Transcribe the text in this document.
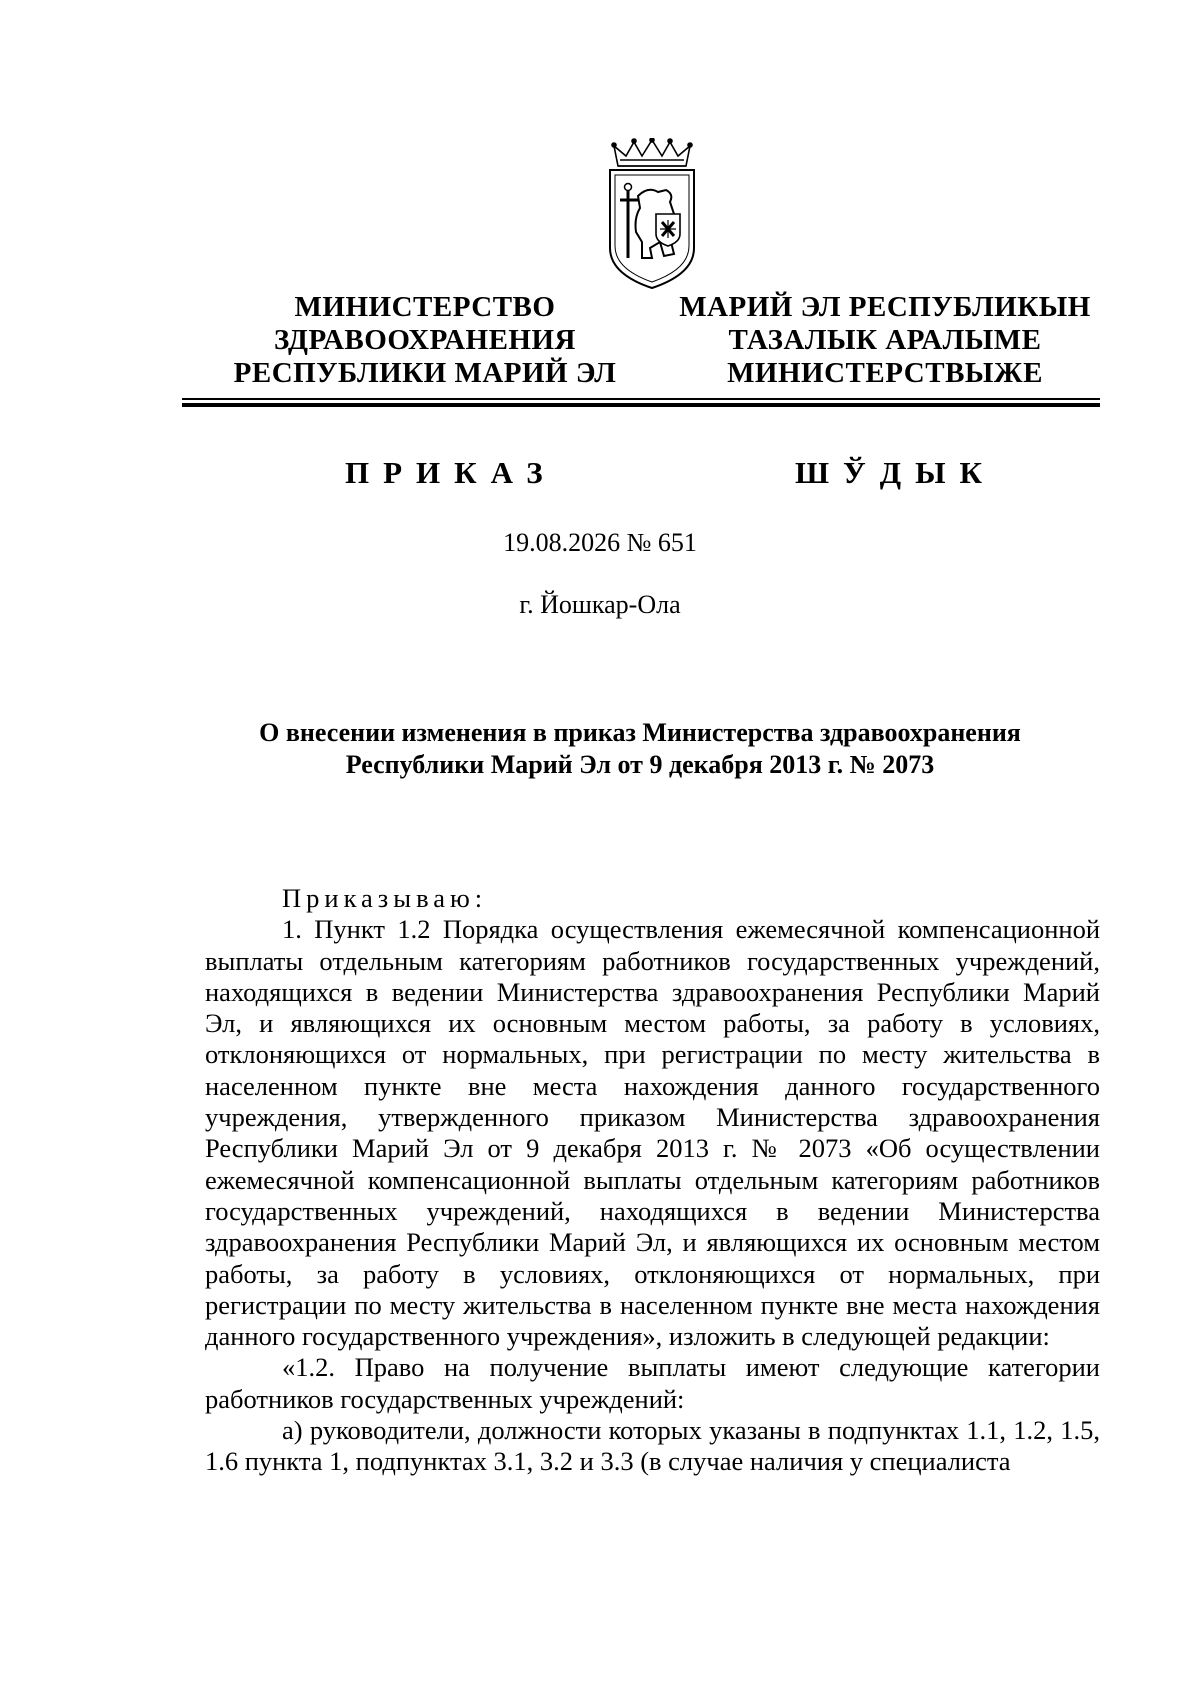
МИНИСТЕРСТВО
ЗДРАВООХРАНЕНИЯ
РЕСПУБЛИКИ МАРИЙ ЭЛ
МАРИЙ ЭЛ РЕСПУБЛИКЫН
ТАЗАЛЫК АРАЛЫМЕ
МИНИСТЕРСТВЫЖЕ
ПРИКАЗ	ШЎДЫК
19.08.2026 № 651
г. Йошкар-Ола
О внесении изменения в приказ Министерства здравоохранения
Республики Марий Эл от 9 декабря 2013 г. № 2073

Приказываю:

1. Пункт 1.2 Порядка осуществления ежемесячной компенсационной выплаты отдельным категориям работников государственных учреждений, находящихся в ведении Министерства здравоохранения Республики Марий Эл, и являющихся их основным местом работы, за работу в условиях, отклоняющихся от нормальных, при регистрации по месту жительства в населенном пункте вне места нахождения данного государственного учреждения, утвержденного приказом Министерства здравоохранения Республики Марий Эл от 9 декабря 2013 г. № 2073 «Об осуществлении ежемесячной компенсационной выплаты отдельным категориям работников государственных учреждений, находящихся в ведении Министерства здравоохранения Республики Марий Эл, и являющихся их основным местом работы, за работу в условиях, отклоняющихся от нормальных, при регистрации по месту жительства в населенном пункте вне места нахождения данного государственного учреждения», изложить в следующей редакции:

«1.2. Право на получение выплаты имеют следующие категории работников государственных учреждений:

а) руководители, должности которых указаны в подпунктах 1.1, 1.2, 1.5, 1.6 пункта 1, подпунктах 3.1, 3.2 и 3.3 (в случае наличия у специалиста
